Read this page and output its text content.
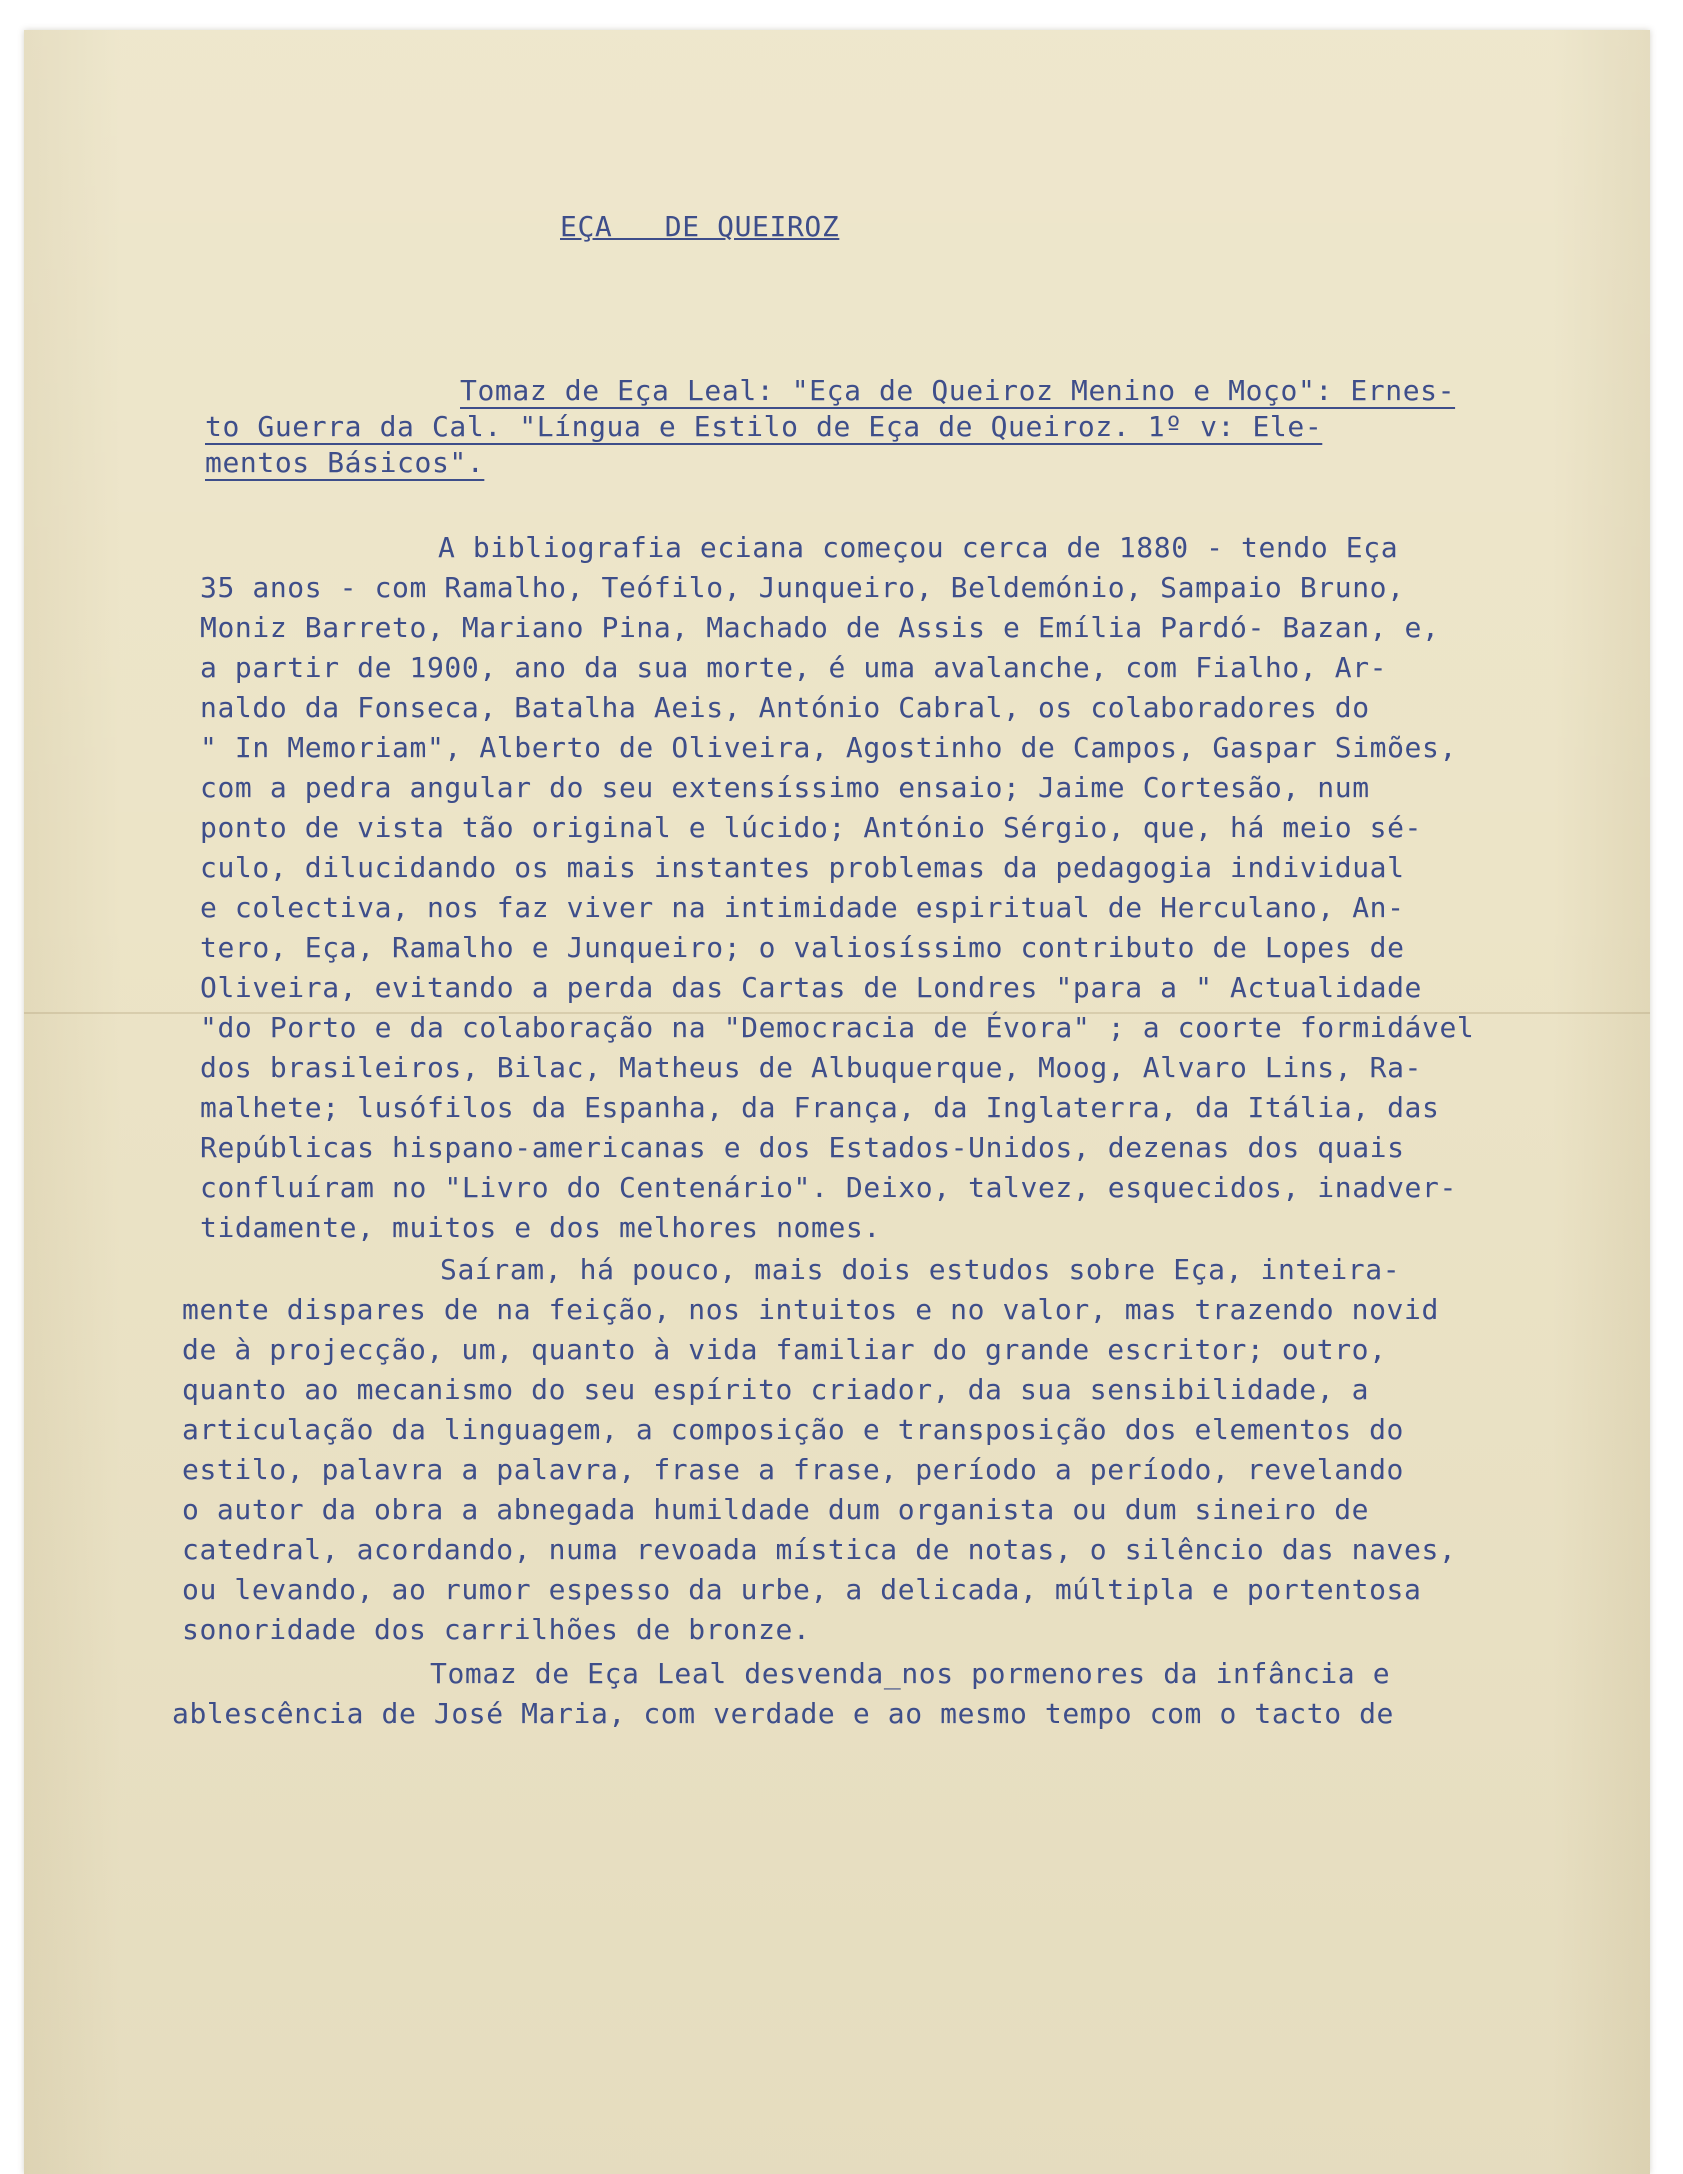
EÇA   DE QUEIROZ
Tomaz de Eça Leal: "Eça de Queiroz Menino e Moço": Ernes-
to Guerra da Cal. "Língua e Estilo de Eça de Queiroz. 1º v: Ele-
mentos Básicos".
A bibliografia eciana começou cerca de 1880 - tendo Eça
35 anos - com Ramalho, Teófilo, Junqueiro, Beldemónio, Sampaio Bruno,
Moniz Barreto, Mariano Pina, Machado de Assis e Emília Pardó- Bazan, e,
a partir de 1900, ano da sua morte, é uma avalanche, com Fialho, Ar-
naldo da Fonseca, Batalha Aeis, António Cabral, os colaboradores do
" In Memoriam", Alberto de Oliveira, Agostinho de Campos, Gaspar Simões,
com a pedra angular do seu extensíssimo ensaio; Jaime Cortesão, num
ponto de vista tão original e lúcido; António Sérgio, que, há meio sé-
culo, dilucidando os mais instantes problemas da pedagogia individual
e colectiva, nos faz viver na intimidade espiritual de Herculano, An-
tero, Eça, Ramalho e Junqueiro; o valiosíssimo contributo de Lopes de
Oliveira, evitando a perda das Cartas de Londres "para a " Actualidade
"do Porto e da colaboração na "Democracia de Évora" ; a coorte formidável
dos brasileiros, Bilac, Matheus de Albuquerque, Moog, Alvaro Lins, Ra-
malhete; lusófilos da Espanha, da França, da Inglaterra, da Itália, das
Repúblicas hispano-americanas e dos Estados-Unidos, dezenas dos quais
confluíram no "Livro do Centenário". Deixo, talvez, esquecidos, inadver-
tidamente, muitos e dos melhores nomes.
Saíram, há pouco, mais dois estudos sobre Eça, inteira-
mente dispares de na feição, nos intuitos e no valor, mas trazendo novid
de à projecção, um, quanto à vida familiar do grande escritor; outro,
quanto ao mecanismo do seu espírito criador, da sua sensibilidade, a
articulação da linguagem, a composição e transposição dos elementos do
estilo, palavra a palavra, frase a frase, período a período, revelando
o autor da obra a abnegada humildade dum organista ou dum sineiro de
catedral, acordando, numa revoada mística de notas, o silêncio das naves,
ou levando, ao rumor espesso da urbe, a delicada, múltipla e portentosa
sonoridade dos carrilhões de bronze.
Tomaz de Eça Leal desvenda_nos pormenores da infância e
ablescência de José Maria, com verdade e ao mesmo tempo com o tacto de
